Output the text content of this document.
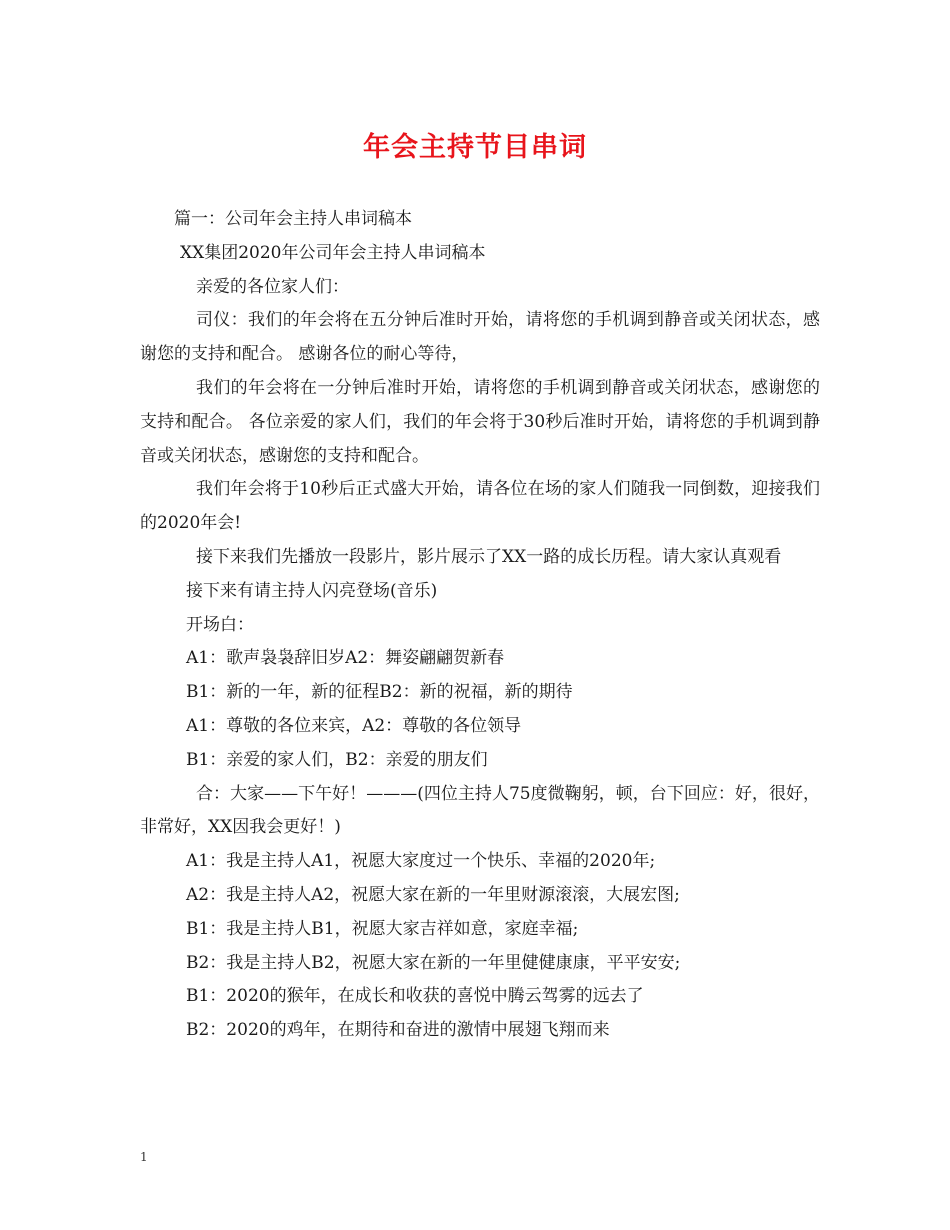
年会主持节目串词

篇一：公司年会主持人串词稿本

XX集团2020年公司年会主持人串词稿本

亲爱的各位家人们：

司仪：我们的年会将在五分钟后准时开始，请将您的手机调到静音或关闭状态，感谢您的支持和配合。 感谢各位的耐心等待，

我们的年会将在一分钟后准时开始，请将您的手机调到静音或关闭状态，感谢您的支持和配合。 各位亲爱的家人们，我们的年会将于30秒后准时开始，请将您的手机调到静音或关闭状态，感谢您的支持和配合。

我们年会将于10秒后正式盛大开始，请各位在场的家人们随我一同倒数，迎接我们的2020年会!

接下来我们先播放一段影片，影片展示了XX一路的成长历程。请大家认真观看

接下来有请主持人闪亮登场(音乐)

开场白：

A1：歌声袅袅辞旧岁A2：舞姿翩翩贺新春

B1：新的一年，新的征程B2：新的祝福，新的期待

A1：尊敬的各位来宾，A2：尊敬的各位领导

B1：亲爱的家人们，B2：亲爱的朋友们

合：大家——下午好！———(四位主持人75度微鞠躬，顿，台下回应：好，很好，非常好，XX因我会更好！)

A1：我是主持人A1，祝愿大家度过一个快乐、幸福的2020年;

A2：我是主持人A2，祝愿大家在新的一年里财源滚滚，大展宏图;

B1：我是主持人B1，祝愿大家吉祥如意，家庭幸福;

B2：我是主持人B2，祝愿大家在新的一年里健健康康，平平安安;

B1：2020的猴年，在成长和收获的喜悦中腾云驾雾的远去了

B2：2020的鸡年，在期待和奋进的激情中展翅飞翔而来

1
